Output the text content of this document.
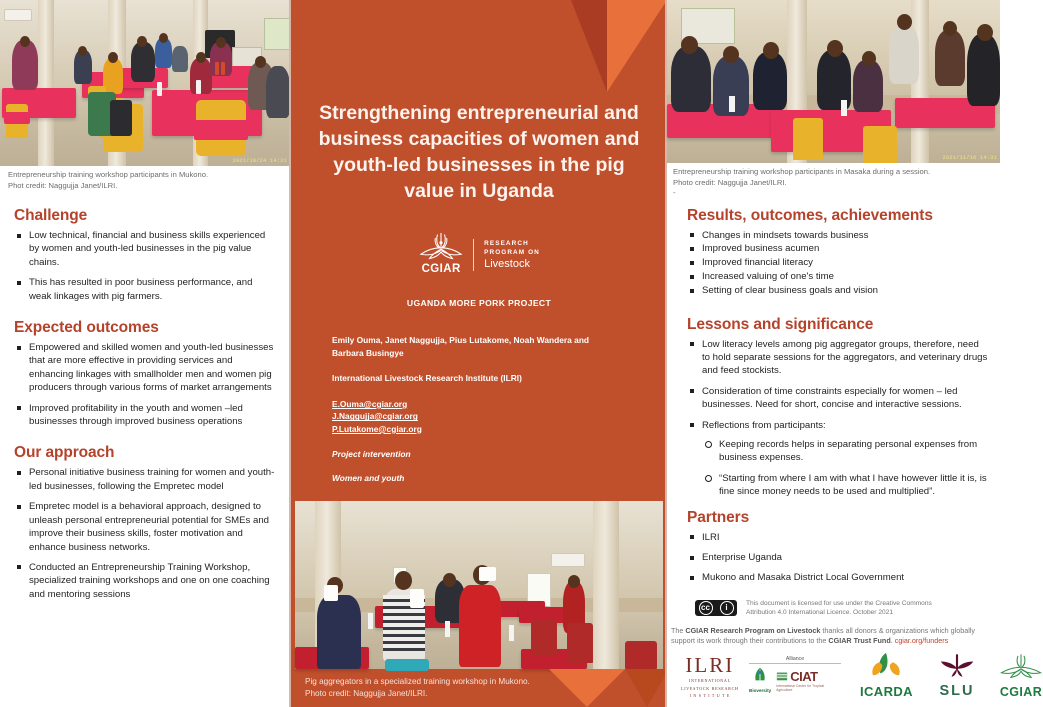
2021/10/24 14:31
Entrepreneurship training workshop participants in Mukono.
Phot credit: Naggujja Janet/ILRI.
Challenge
Low technical, financial and business skills experienced by women and youth-led businesses in the pig value chains.
This has resulted in poor business performance, and weak linkages with pig farmers.
Expected outcomes
Empowered and skilled women and youth-led businesses that are more effective in providing services and enhancing linkages with smallholder men and women pig producers through various forms of market arrangements
Improved profitability in the youth and women –led businesses through improved business operations
Our approach
Personal initiative business training for women and youth-led businesses, following the Empretec model
Empretec model is a behavioral approach, designed to unleash personal entrepreneurial potential for SMEs and improve their business skills, foster motivation and enhance business networks.
Conducted an Entrepreneurship Training Workshop, specialized training workshops and one on one coaching and mentoring sessions
Strengthening entrepreneurial and business capacities of women and youth-led businesses in the pig value in Uganda
CGIAR
RESEARCH
PROGRAM ON
Livestock
UGANDA MORE PORK PROJECT
Emily Ouma, Janet Naggujja, Pius Lutakome, Noah Wandera and Barbara Busingye
International Livestock Research Institute (ILRI)
E.Ouma@cgiar.org
J.Naggujja@cgiar.org
P.Lutakome@cgiar.org
Project intervention
Women and youth
Pig aggregators in a specialized training workshop in Mukono.
Photo credit: Naggujja Janet/ILRI.
2021/11/16 14:31
Entrepreneurship training workshop participants in Masaka during a session.
Photo credit: Naggujja Janet/ILRI.
-
Results, outcomes, achievements
Changes in mindsets towards business
Improved business acumen
Improved financial literacy
Increased valuing of one's time
Setting of clear business goals and vision
Lessons and significance
Low literacy levels among pig aggregator groups, therefore, need to hold separate sessions for the aggregators, and veterinary drugs and feed stockists.
Consideration of time constraints especially for women – led businesses. Need for short, concise and interactive sessions.
Reflections from participants:
Keeping records helps in separating personal expenses from business expenses.
“Starting from where I am with what I have however little it is, is fine since money needs to be used and multiplied”.
Partners
ILRI
Enterprise Uganda
Mukono and Masaka District Local Government
cc	i	This document is licensed for use under the Creative Commons
Attribution 4.0 International Licence. October 2021
The CGIAR Research Program on Livestock thanks all donors & organizations which globally support its work through their contributions to the CGIAR Trust Fund. cgiar.org/funders
ILRI
INTERNATIONAL
LIVESTOCK RESEARCH
I N S T I T U T E
Alliance
Bioversity
CIAT
International Center for Tropical Agriculture	ICARDA SLU CGIAR
